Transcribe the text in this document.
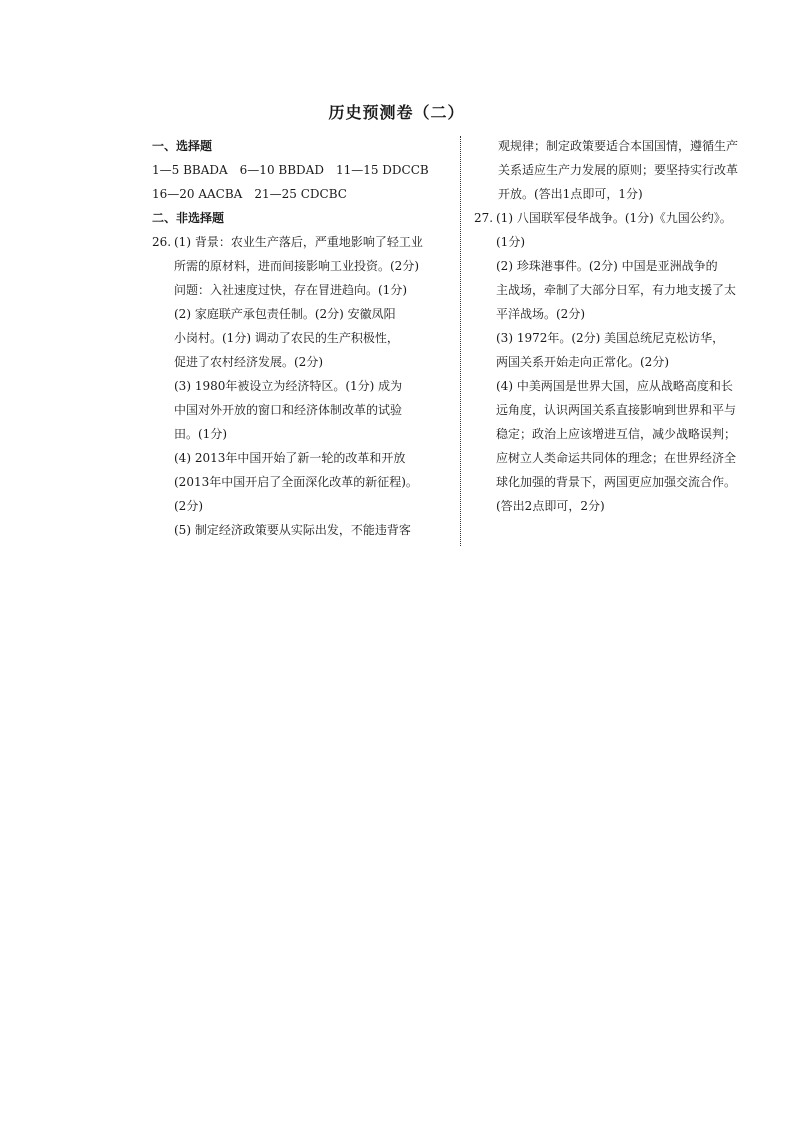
历史预测卷（二）
一、选择题
1—5 BBADA　6—10 BBDAD　11—15 DDCCB
16—20 AACBA　21—25 CDCBC
二、非选择题
26. (1) 背景：农业生产落后，严重地影响了轻工业
所需的原材料，进而间接影响工业投资。(2分)
问题：入社速度过快，存在冒进趋向。(1分)
(2) 家庭联产承包责任制。(2分) 安徽凤阳
小岗村。(1分) 调动了农民的生产积极性，
促进了农村经济发展。(2分)
(3) 1980年被设立为经济特区。(1分) 成为
中国对外开放的窗口和经济体制改革的试验
田。(1分)
(4) 2013年中国开始了新一轮的改革和开放
(2013年中国开启了全面深化改革的新征程)。
(2分)
(5) 制定经济政策要从实际出发，不能违背客
观规律；制定政策要适合本国国情，遵循生产
关系适应生产力发展的原则；要坚持实行改革
开放。(答出1点即可，1分)
27. (1) 八国联军侵华战争。(1分)《九国公约》。
(1分)
(2) 珍珠港事件。(2分) 中国是亚洲战争的
主战场，牵制了大部分日军，有力地支援了太
平洋战场。(2分)
(3) 1972年。(2分) 美国总统尼克松访华，
两国关系开始走向正常化。(2分)
(4) 中美两国是世界大国，应从战略高度和长
远角度，认识两国关系直接影响到世界和平与
稳定；政治上应该增进互信，减少战略误判；
应树立人类命运共同体的理念；在世界经济全
球化加强的背景下，两国更应加强交流合作。
(答出2点即可，2分)
